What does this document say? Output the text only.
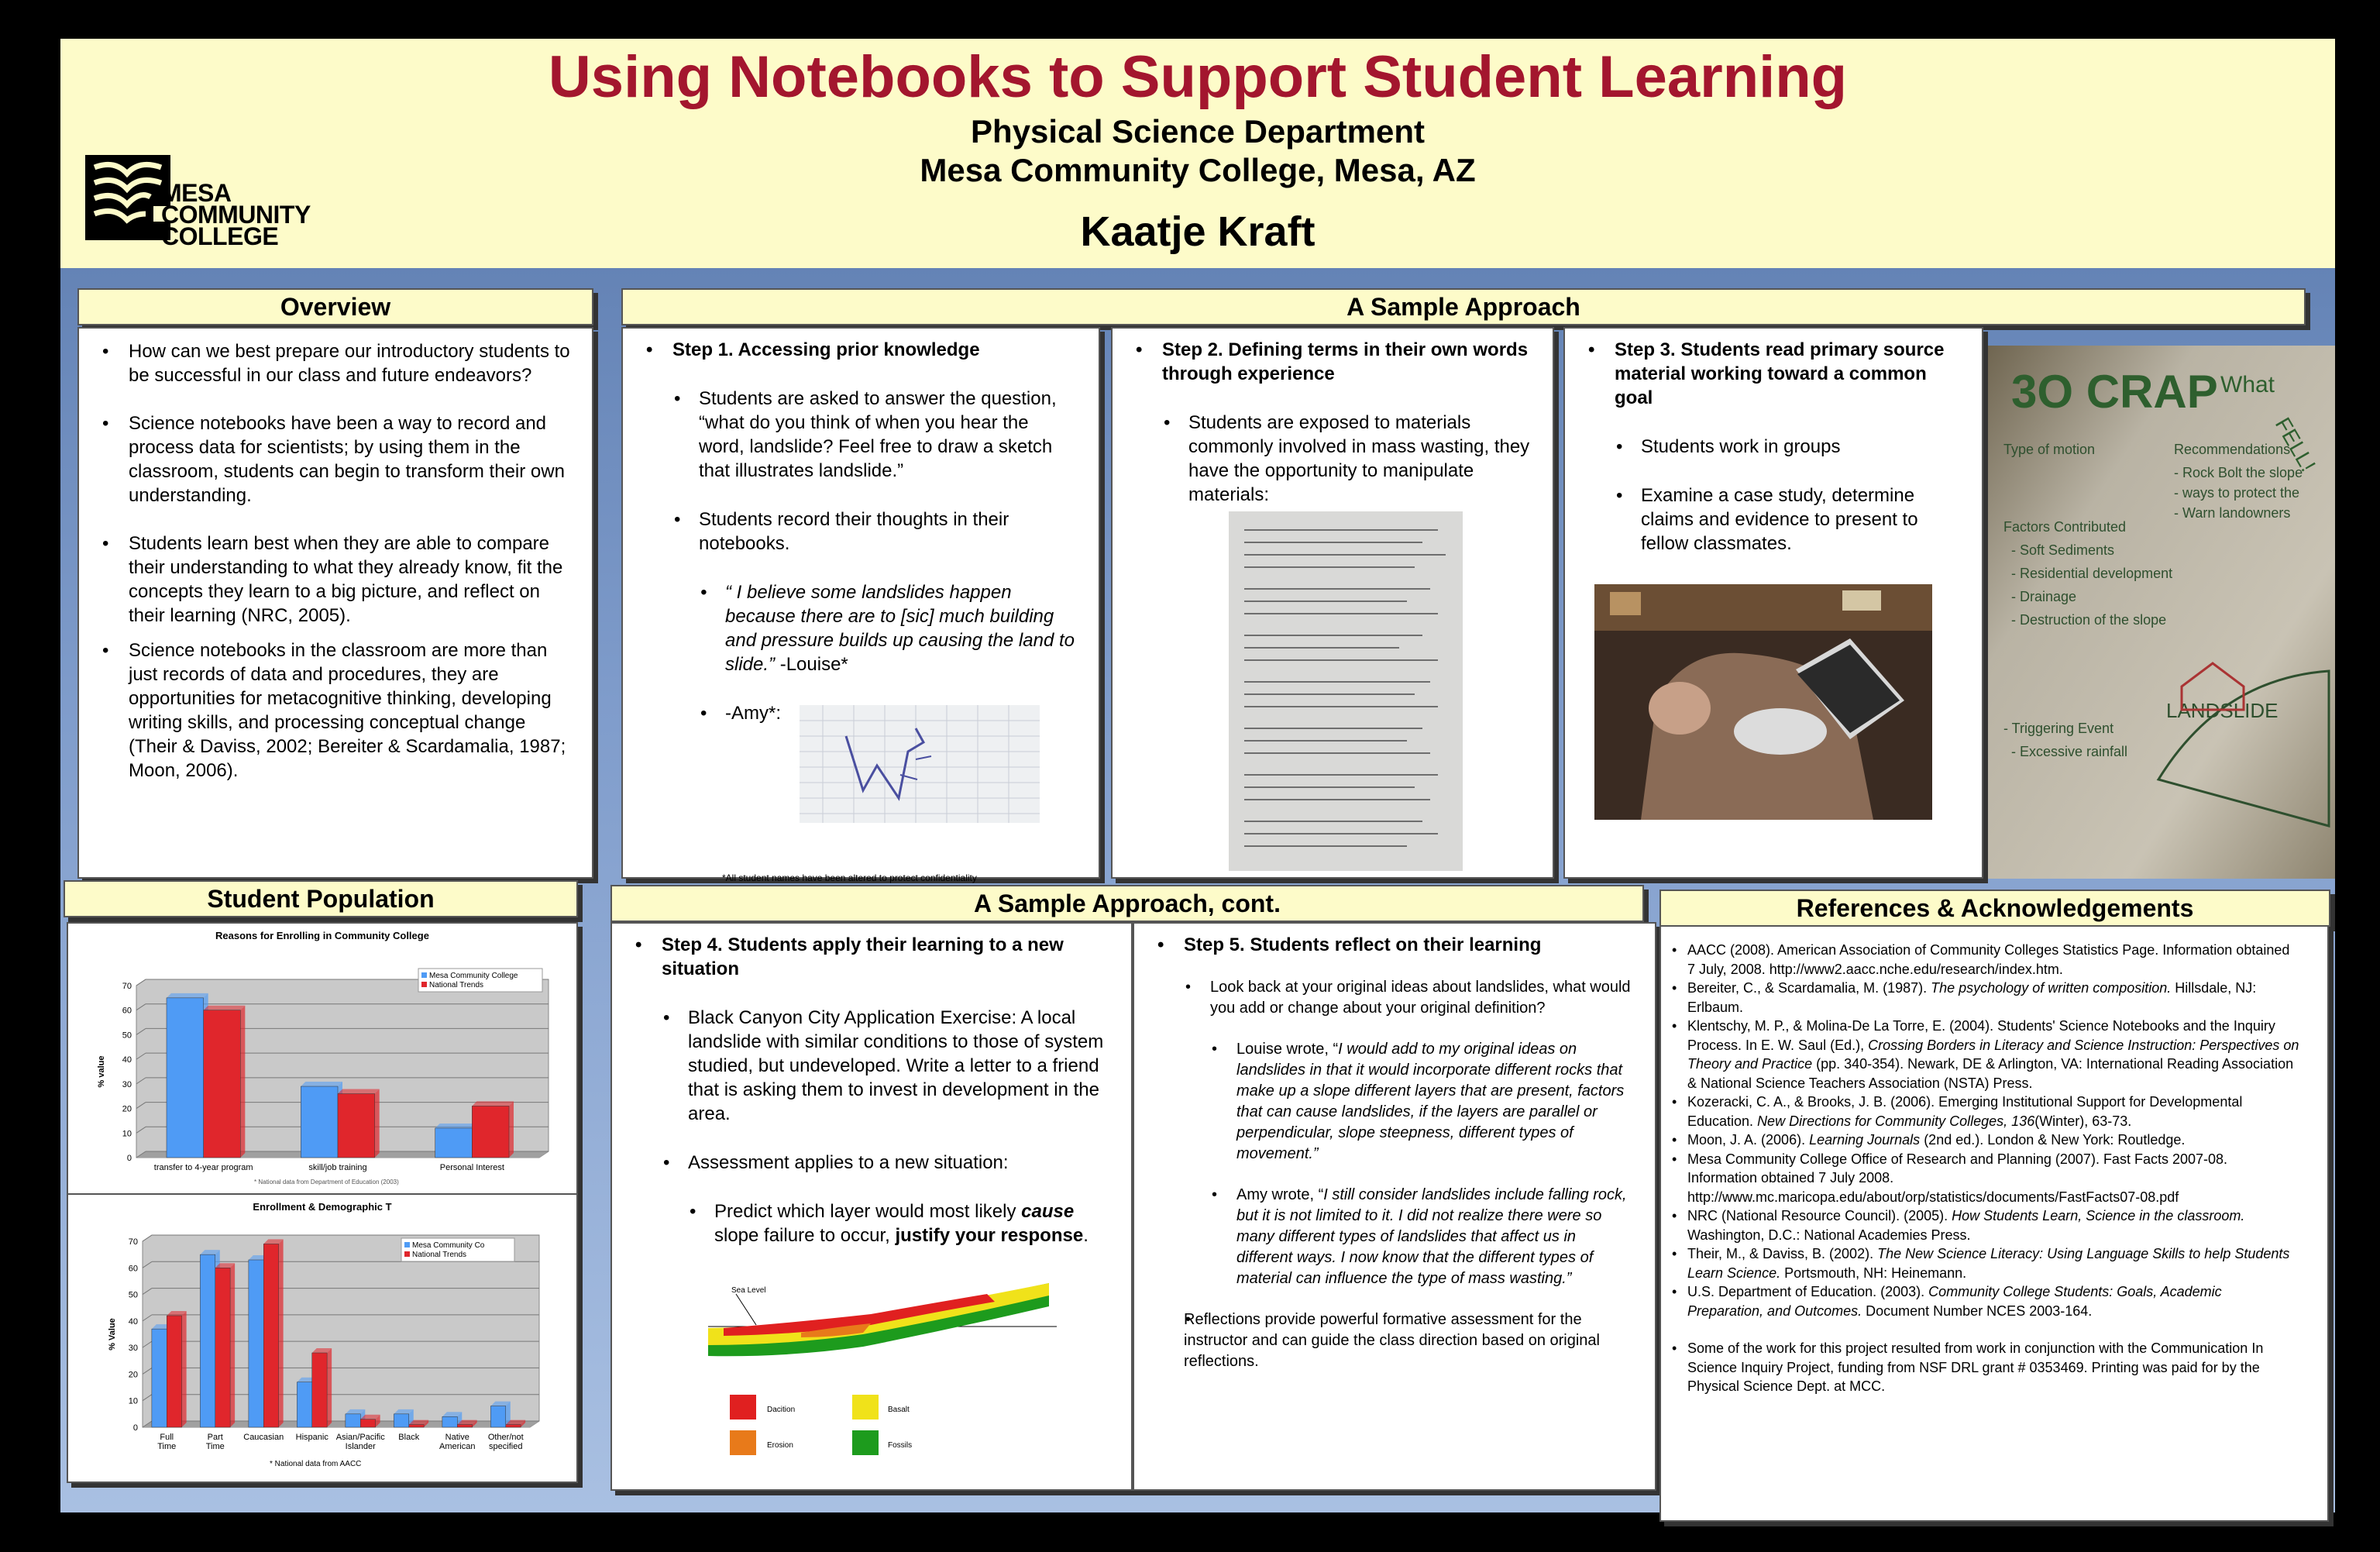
Using Notebooks to Support Student Learning
Physical Science Department
Mesa Community College, Mesa, AZ
Kaatje Kraft
MESA
COMMUNITY
COLLEGE
Overview
• How can we best prepare our introductory students to be successful in our class and future endeavors?
• Science notebooks have been a way to record and process data for scientists; by using them in the classroom, students can begin to transform their own understanding.
• Students learn best when they are able to compare their understanding to what they already know, fit the concepts they learn to a big picture, and reflect on their learning (NRC, 2005).
• Science notebooks in the classroom are more than just records of data and procedures, they are opportunities for metacognitive thinking, developing writing skills, and processing conceptual change (Their & Daviss, 2002; Bereiter & Scardamalia, 1987; Moon, 2006).
A Sample Approach
• Step 1. Accessing prior knowledge
• Students are asked to answer the question, “what do you think of when you hear the word, landslide? Feel free to draw a sketch that illustrates landslide.”
• Students record their thoughts in their notebooks.
• “ I believe some landslides happen because there are to [sic] much building and pressure builds up causing the land to slide.” -Louise*
• -Amy*:
*All student names have been altered to protect confidentiality
• Step 2. Defining terms in their own words through experience
• Students are exposed to materials commonly involved in mass wasting, they have the opportunity to manipulate materials:
• Step 3. Students read primary source material working toward a common goal
• Students work in groups
• Examine a case study, determine claims and evidence to present to fellow classmates.
3O CRAP What
FELL!
Type of motion	Recommendations
- Rock Bolt the slope
- ways to protect the
- Warn landowners
Factors Contributed
- Soft Sediments
- Residential development
- Drainage
- Destruction of the slope
- Triggering Event
- Excessive rainfall
LANDSLIDE
Student Population
Reasons for Enrolling in Community College
0
10
20
30
40
50
60
70
% value
transfer to 4-year program	skill/job training	Personal Interest
Mesa Community College
National Trends
* National data from Department of Education (2003)
Enrollment & Demographic T
0
10
20
30
40
50
60
70
% Value
Full Time
Part Time
Caucasian Hispanic Asian/Pacific Islander
Black	Native American
Other/not specified
Mesa Community Co
National Trends
* National data from AACC
A Sample Approach, cont.
• Step 4. Students apply their learning to a new situation
• Black Canyon City Application Exercise: A local landslide with similar conditions to those of system studied, but undeveloped. Write a letter to a friend that is asking them to invest in development in the area.
• Assessment applies to a new situation:
• Predict which layer would most likely cause slope failure to occur, justify your response.
Sea Level
Dacition	Basalt
Erosion	Fossils
• Step 5. Students reflect on their learning
• Look back at your original ideas about landslides, what would you add or change about your original definition?
• Louise wrote, “I would add to my original ideas on landslides in that it would incorporate different rocks that make up a slope different layers that are present, factors that can cause landslides, if the layers are parallel or perpendicular, slope steepness, different types of movement.”
• Amy wrote, “I still consider landslides include falling rock, but it is not limited to it. I did not realize there were so many different types of landslides that affect us in different ways. I now know that the different types of material can influence the type of mass wasting.”
• Reflections provide powerful formative assessment for the instructor and can guide the class direction based on original reflections.
References & Acknowledgements
• AACC (2008). American Association of Community Colleges Statistics Page. Information obtained 7 July, 2008. http://www2.aacc.nche.edu/research/index.htm.
• Bereiter, C., & Scardamalia, M. (1987). The psychology of written composition. Hillsdale, NJ: Erlbaum.
• Klentschy, M. P., & Molina-De La Torre, E. (2004). Students' Science Notebooks and the Inquiry Process. In E. W. Saul (Ed.), Crossing Borders in Literacy and Science Instruction: Perspectives on Theory and Practice (pp. 340-354). Newark, DE & Arlington, VA: International Reading Association & National Science Teachers Association (NSTA) Press.
• Kozeracki, C. A., & Brooks, J. B. (2006). Emerging Institutional Support for Developmental Education. New Directions for Community Colleges, 136(Winter), 63-73.
• Moon, J. A. (2006). Learning Journals (2nd ed.). London & New York: Routledge.
• Mesa Community College Office of Research and Planning (2007). Fast Facts 2007-08. Information obtained 7 July 2008. http://www.mc.maricopa.edu/about/orp/statistics/documents/FastFacts07-08.pdf
• NRC (National Resource Council). (2005). How Students Learn, Science in the classroom. Washington, D.C.: National Academies Press.
• Their, M., & Daviss, B. (2002). The New Science Literacy: Using Language Skills to help Students Learn Science. Portsmouth, NH: Heinemann.
• U.S. Department of Education. (2003). Community College Students: Goals, Academic Preparation, and Outcomes. Document Number NCES 2003-164.
• Some of the work for this project resulted from work in conjunction with the Communication In Science Inquiry Project, funding from NSF DRL grant # 0353469. Printing was paid for by the Physical Science Dept. at MCC.
